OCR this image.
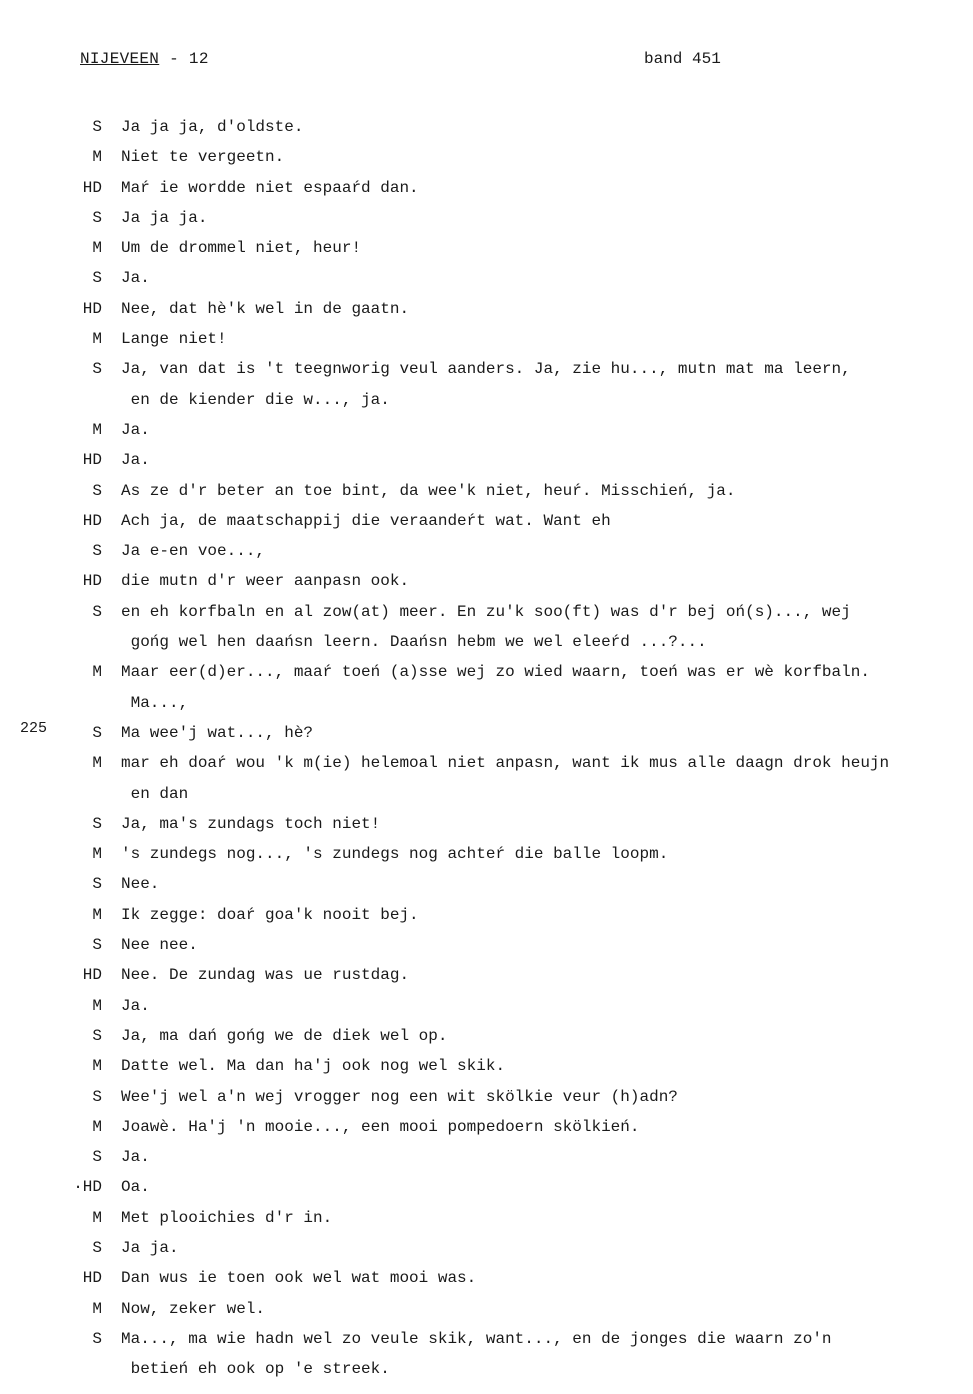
NIJEVEEN - 12	band 451
225
S Ja ja ja, d'oldste.
M Niet te vergeetn.
HD Maŕ ie wordde niet espaaŕd dan.
S Ja ja ja.
M Um de drommel niet, heur!
S Ja.
HD Nee, dat hè'k wel in de gaatn.
M Lange niet!
S Ja, van dat is 't teegnworig veul aanders. Ja, zie hu..., mutn mat ma leern,
en de kiender die w..., ja.
M Ja.
HD Ja.
S As ze d'r beter an toe bint, da wee'k niet, heuŕ. Misschień, ja.
HD Ach ja, de maatschappij die veraandeŕt wat. Want eh
S Ja e-en voe...,
HD die mutn d'r weer aanpasn ook.
S en eh korfbaln en al zow(at) meer. En zu'k soo(ft) was d'r bej oń(s)..., wej
gońg wel hen daańsn leern. Daańsn hebm we wel eleeŕd ...?...
M Maar eer(d)er..., maaŕ toeń (a)sse wej zo wied waarn, toeń was er wè korfbaln.
Ma...,
S Ma wee'j wat..., hè?
M mar eh doaŕ wou 'k m(ie) helemoal niet anpasn, want ik mus alle daagn drok heujn
en dan
S Ja, ma's zundags toch niet!
M 's zundegs nog..., 's zundegs nog achteŕ die balle loopm.
S Nee.
M Ik zegge: doaŕ goa'k nooit bej.
S Nee nee.
HD Nee. De zundag was ue rustdag.
M Ja.
S Ja, ma dań gońg we de diek wel op.
M Datte wel. Ma dan ha'j ook nog wel skik.
S Wee'j wel a'n wej vrogger nog een wit skölkie veur (h)adn?
M Joawè. Ha'j 'n mooie..., een mooi pompedoern skölkień.
S Ja.
·HD Oa.
M Met plooichies d'r in.
S Ja ja.
HD Dan wus ie toen ook wel wat mooi was.
M Now, zeker wel.
S Ma..., ma wie hadn wel zo veule skik, want..., en de jonges die waarn zo'n
betień eh ook op 'e streek.
